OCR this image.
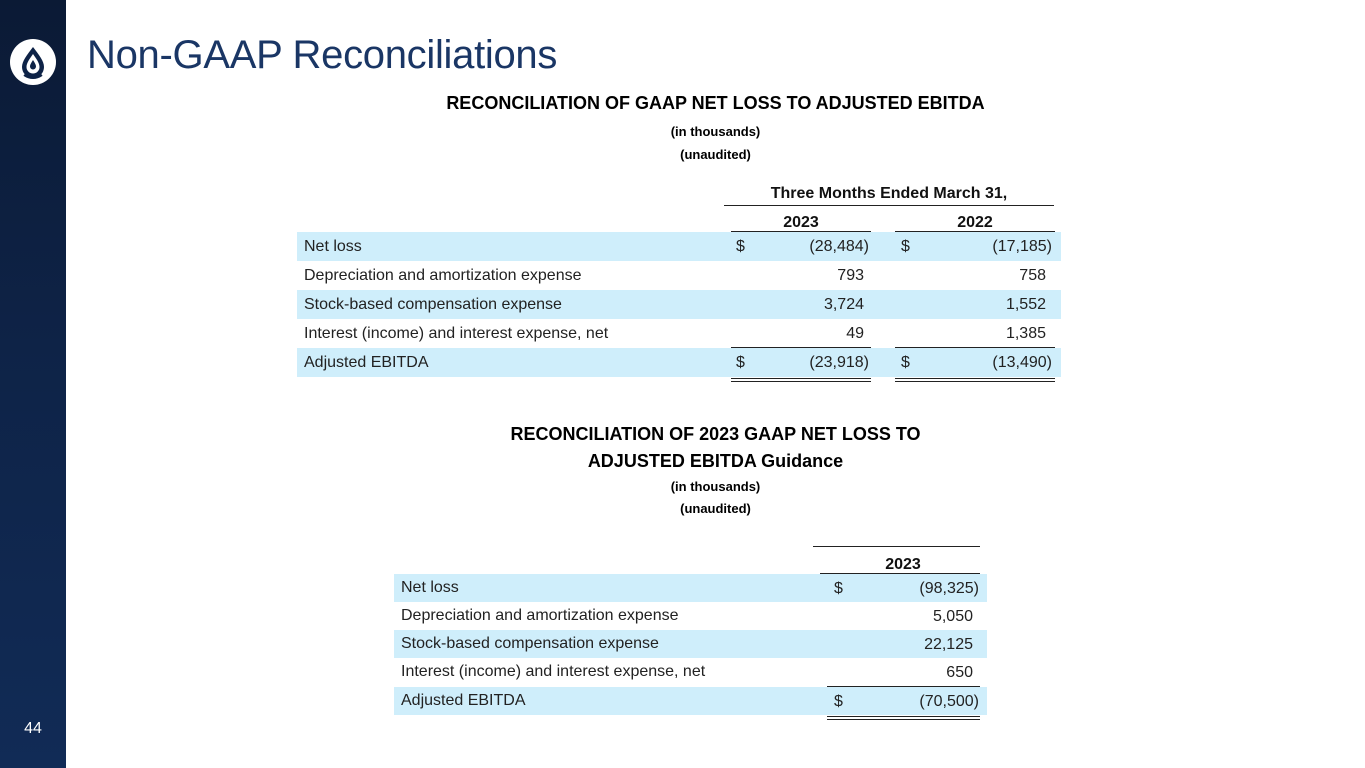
44
Non-GAAP Reconciliations
RECONCILIATION OF GAAP NET LOSS TO ADJUSTED EBITDA
(in thousands)
(unaudited)
Three Months Ended March 31,
2023	2022
Net loss	$	(28,484) $	(17,185)
Depreciation and amortization expense	793	758
Stock-based compensation expense	3,724	1,552
Interest (income) and interest expense, net	49	1,385
Adjusted EBITDA	$	(23,918) $	(13,490)
RECONCILIATION OF 2023 GAAP NET LOSS TO
ADJUSTED EBITDA Guidance
(in thousands)
(unaudited)
2023
Net loss	$	(98,325)
Depreciation and amortization expense	5,050
Stock-based compensation expense	22,125
Interest (income) and interest expense, net	650
Adjusted EBITDA	$	(70,500)
